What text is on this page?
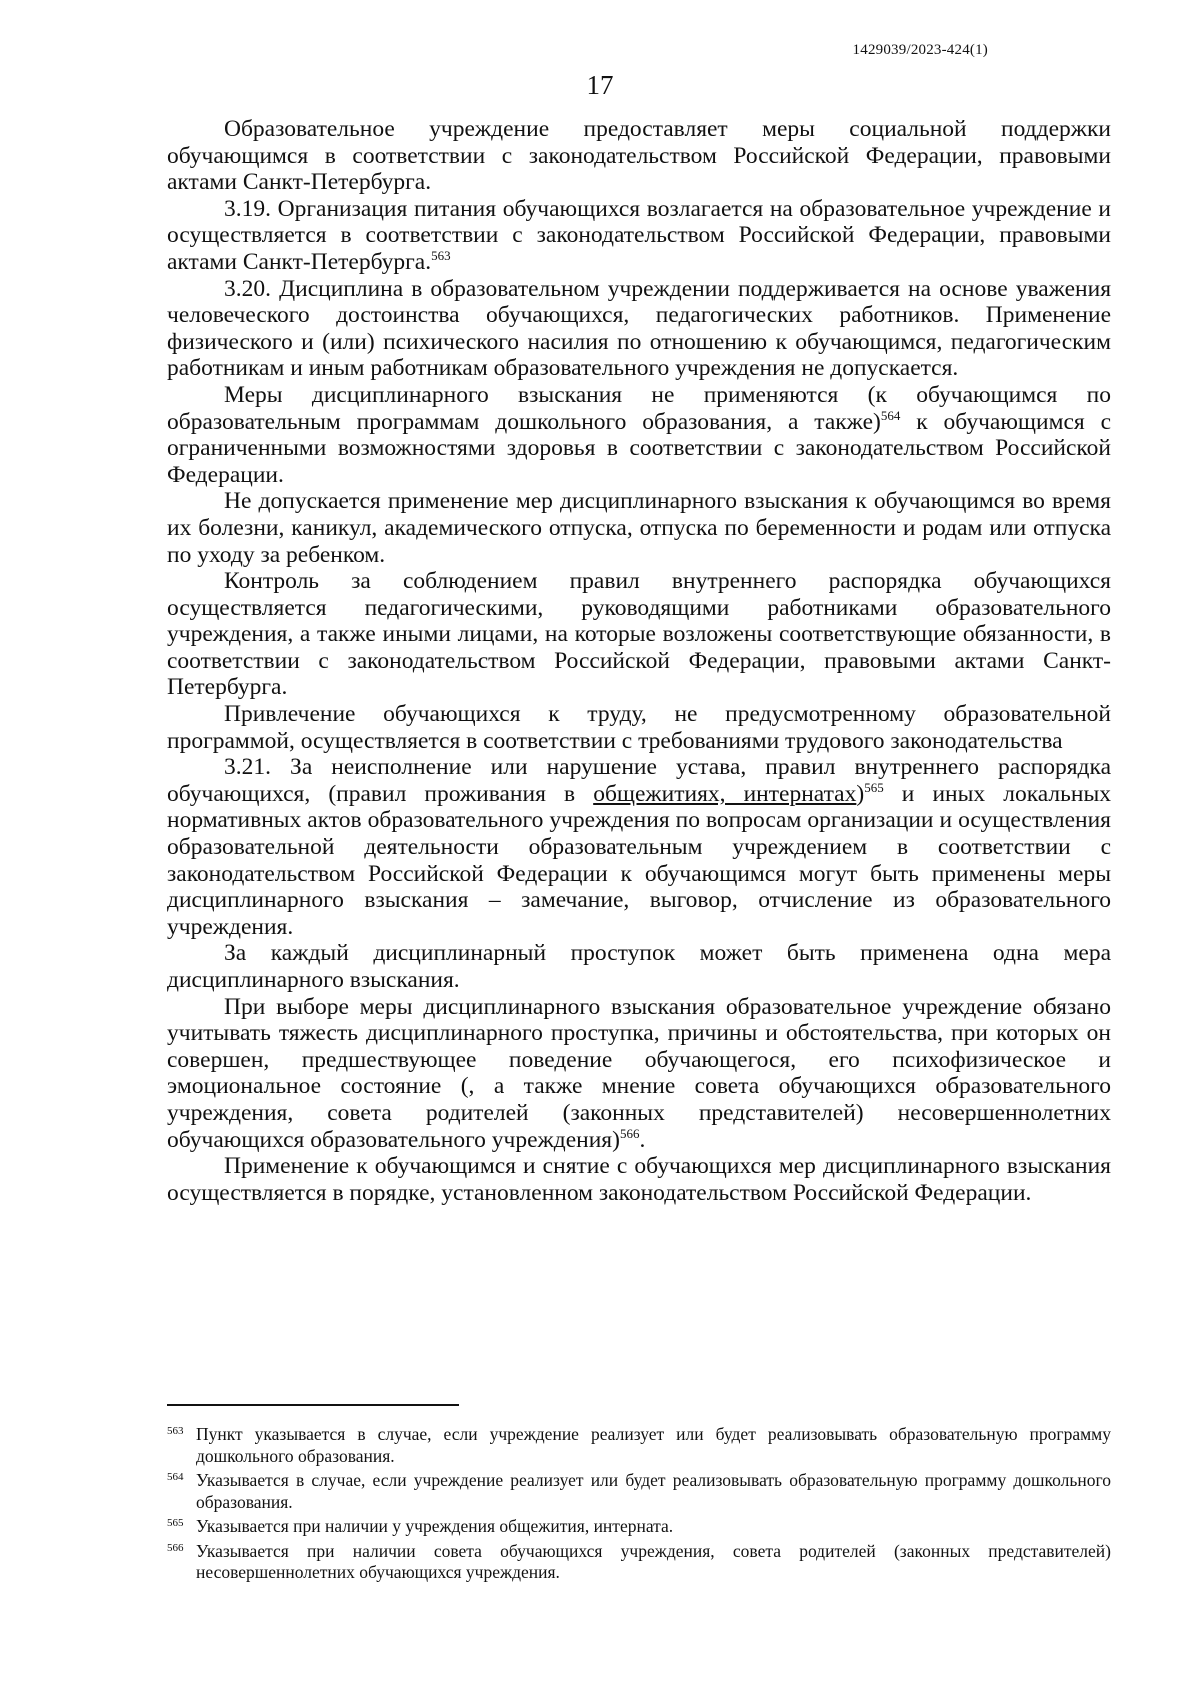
1429039/2023-424(1)
17

Образовательное учреждение предоставляет меры социальной поддержки обучающимся в соответствии с законодательством Российской Федерации, правовыми актами Санкт-Петербурга.

3.19. Организация питания обучающихся возлагается на образовательное учреждение и осуществляется в соответствии с законодательством Российской Федерации, правовыми актами Санкт-Петербурга.$^{563}$

3.20. Дисциплина в образовательном учреждении поддерживается на основе уважения человеческого достоинства обучающихся, педагогических работников. Применение физического и (или) психического насилия по отношению к обучающимся, педагогическим работникам и иным работникам образовательного учреждения не допускается.

Меры дисциплинарного взыскания не применяются (к обучающимся по образовательным программам дошкольного образования, а также)$^{564}$ к обучающимся с ограниченными возможностями здоровья в соответствии с законодательством Российской Федерации.

Не допускается применение мер дисциплинарного взыскания к обучающимся во время их болезни, каникул, академического отпуска, отпуска по беременности и родам или отпуска по уходу за ребенком.

Контроль за соблюдением правил внутреннего распорядка обучающихся осуществляется педагогическими, руководящими работниками образовательного учреждения, а также иными лицами, на которые возложены соответствующие обязанности, в соответствии с законодательством Российской Федерации, правовыми актами Санкт-Петербурга.

Привлечение обучающихся к труду, не предусмотренному образовательной программой, осуществляется в соответствии с требованиями трудового законодательства

3.21. За неисполнение или нарушение устава, правил внутреннего распорядка обучающихся, (правил проживания в общежитиях, интернатах)$^{565}$ и иных локальных нормативных актов образовательного учреждения по вопросам организации и осуществления образовательной деятельности образовательным учреждением в соответствии с законодательством Российской Федерации к обучающимся могут быть применены меры дисциплинарного взыскания – замечание, выговор, отчисление из образовательного учреждения.

За каждый дисциплинарный проступок может быть применена одна мера дисциплинарного взыскания.

При выборе меры дисциплинарного взыскания образовательное учреждение обязано учитывать тяжесть дисциплинарного проступка, причины и обстоятельства, при которых он совершен, предшествующее поведение обучающегося, его психофизическое и эмоциональное состояние (, а также мнение совета обучающихся образовательного учреждения, совета родителей (законных представителей) несовершеннолетних обучающихся образовательного учреждения)$^{566}$.

Применение к обучающимся и снятие с обучающихся мер дисциплинарного взыскания осуществляется в порядке, установленном законодательством Российской Федерации.

563 Пункт указывается в случае, если учреждение реализует или будет реализовывать образовательную программу дошкольного образования.
564 Указывается в случае, если учреждение реализует или будет реализовывать образовательную программу дошкольного образования.
565 Указывается при наличии у учреждения общежития, интерната.
566 Указывается при наличии совета обучающихся учреждения, совета родителей (законных представителей) несовершеннолетних обучающихся учреждения.
